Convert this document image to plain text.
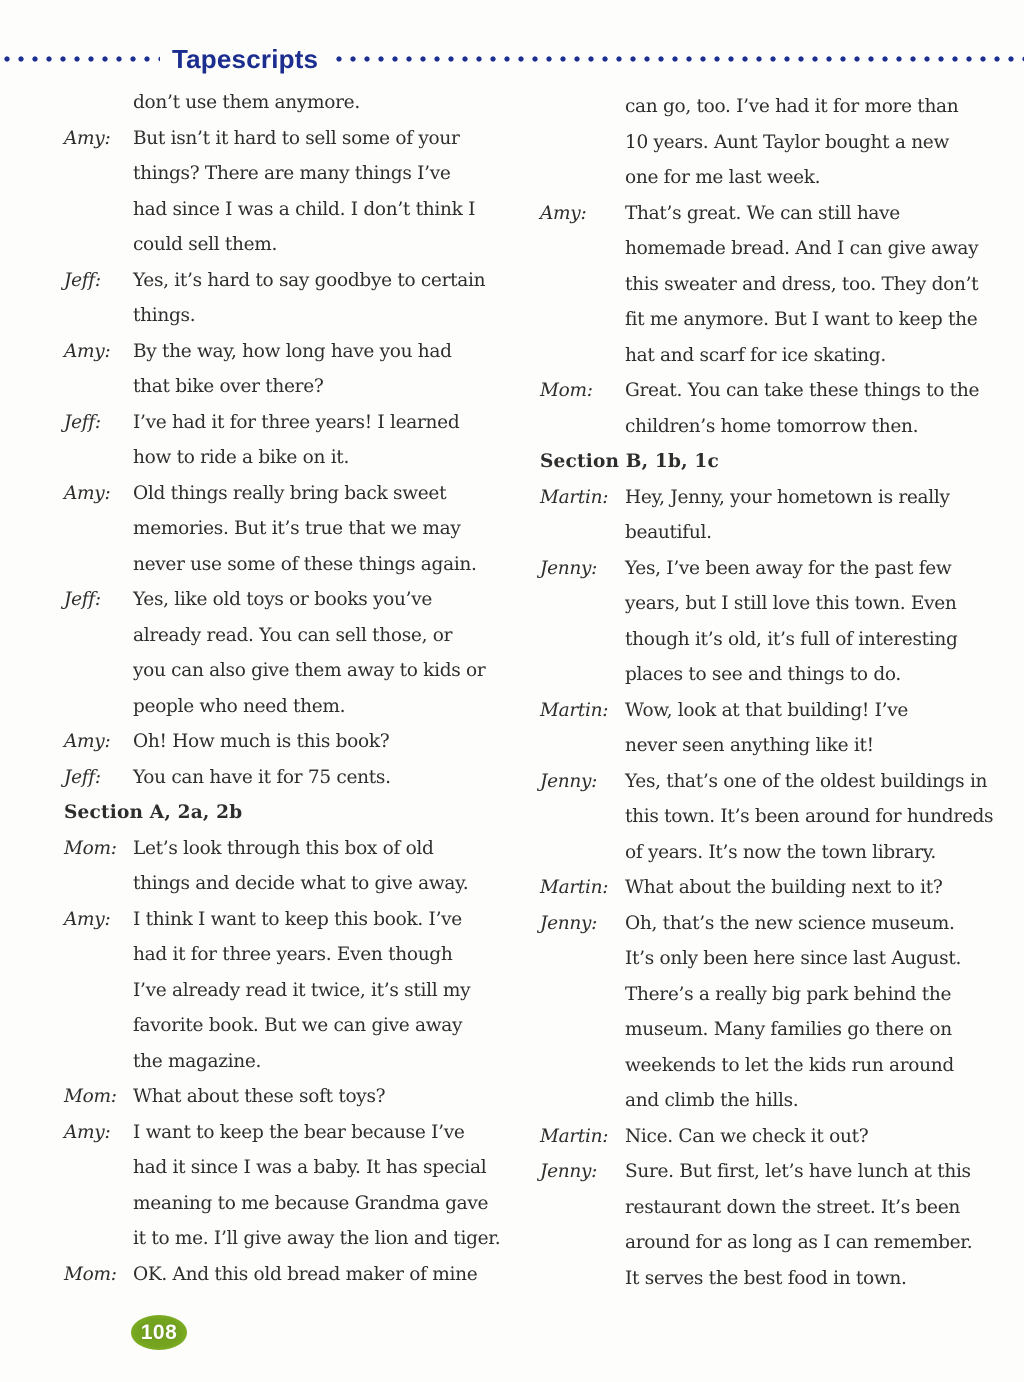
Tapescripts
don’t use them anymore.
Amy:	But isn’t it hard to sell some of your
things? There are many things I’ve
had since I was a child. I don’t think I
could sell them.
Jeff:	Yes, it’s hard to say goodbye to certain
things.
Amy:	By the way, how long have you had
that bike over there?
Jeff:	I’ve had it for three years! I learned
how to ride a bike on it.
Amy:	Old things really bring back sweet
memories. But it’s true that we may
never use some of these things again.
Jeff:	Yes, like old toys or books you’ve
already read. You can sell those, or
you can also give them away to kids or
people who need them.
Amy:	Oh! How much is this book?
Jeff:	You can have it for 75 cents.
Section A, 2a, 2b
Mom: Let’s look through this box of old
things and decide what to give away.
Amy:	I think I want to keep this book. I’ve
had it for three years. Even though
I’ve already read it twice, it’s still my
favorite book. But we can give away
the magazine.
Mom: What about these soft toys?
Amy:	I want to keep the bear because I’ve
had it since I was a baby. It has special
meaning to me because Grandma gave
it to me. I’ll give away the lion and tiger.
Mom: OK. And this old bread maker of mine
can go, too. I’ve had it for more than
10 years. Aunt Taylor bought a new
one for me last week.
Amy:	That’s great. We can still have
homemade bread. And I can give away
this sweater and dress, too. They don’t
fit me anymore. But I want to keep the
hat and scarf for ice skating.
Mom:	Great. You can take these things to the
children’s home tomorrow then.
Section B, 1b, 1c
Martin: Hey, Jenny, your hometown is really
beautiful.
Jenny:	Yes, I’ve been away for the past few
years, but I still love this town. Even
though it’s old, it’s full of interesting
places to see and things to do.
Martin: Wow, look at that building! I’ve
never seen anything like it!
Jenny:	Yes, that’s one of the oldest buildings in
this town. It’s been around for hundreds
of years. It’s now the town library.
Martin: What about the building next to it?
Jenny:	Oh, that’s the new science museum.
It’s only been here since last August.
There’s a really big park behind the
museum. Many families go there on
weekends to let the kids run around
and climb the hills.
Martin: Nice. Can we check it out?
Jenny:	Sure. But first, let’s have lunch at this
restaurant down the street. It’s been
around for as long as I can remember.
It serves the best food in town.
108
